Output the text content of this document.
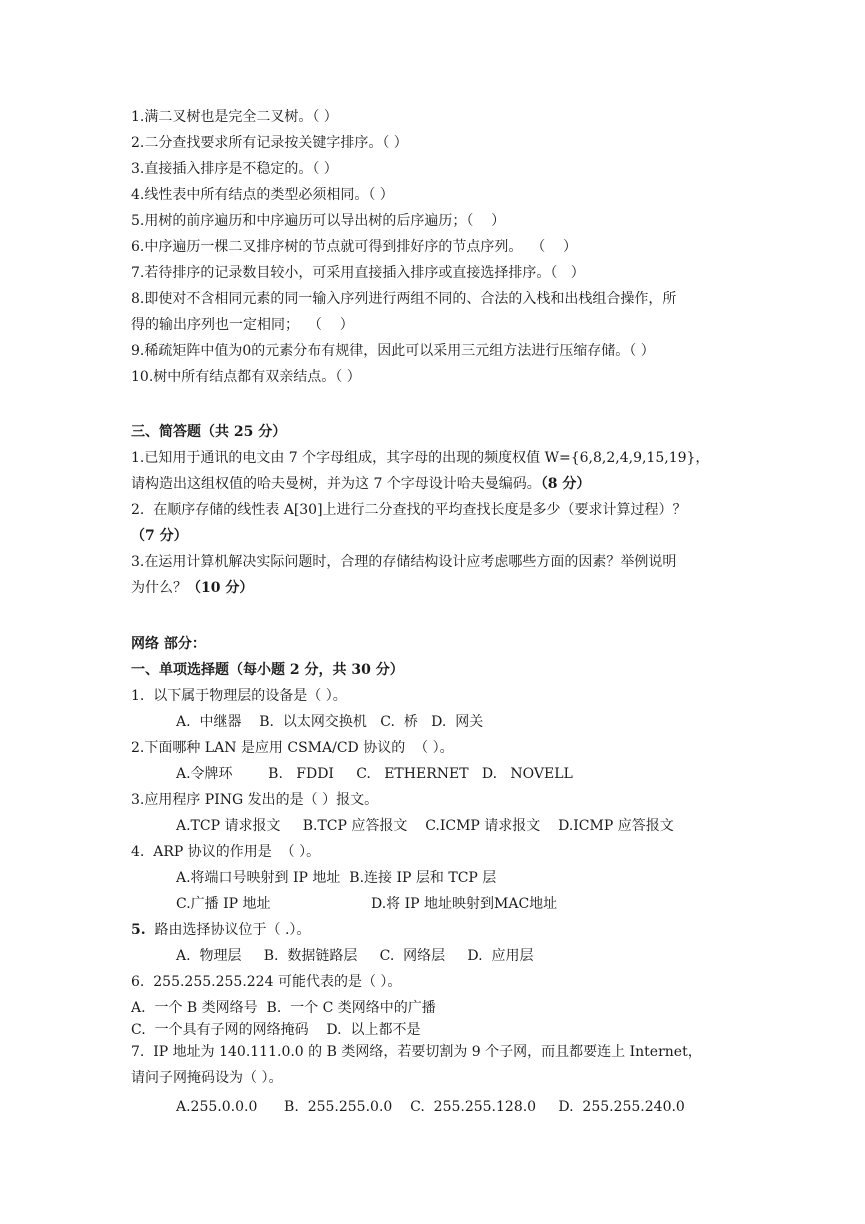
1.满二叉树也是完全二叉树。（ ）
2.二分查找要求所有记录按关键字排序。（ ）
3.直接插入排序是不稳定的。（ ）
4.线性表中所有结点的类型必须相同。（ ）
5.用树的前序遍历和中序遍历可以导出树的后序遍历；（    ）
6.中序遍历一棵二叉排序树的节点就可得到排好序的节点序列。  （    ）
7.若待排序的记录数目较小，可采用直接插入排序或直接选择排序。（   ）
8.即使对不含相同元素的同一输入序列进行两组不同的、合法的入栈和出栈组合操作，所
得的输出序列也一定相同；  （    ）
9.稀疏矩阵中值为0的元素分布有规律，因此可以采用三元组方法进行压缩存储。（ ）
10.树中所有结点都有双亲结点。（ ）
三、简答题（共 25 分）
1.已知用于通讯的电文由 7 个字母组成，其字母的出现的频度权值 W={6,8,2,4,9,15,19}，
请构造出这组权值的哈夫曼树，并为这 7 个字母设计哈夫曼编码。（8 分）
2.  在顺序存储的线性表 A[30]上进行二分查找的平均查找长度是多少（要求计算过程）？
（7 分）
3.在运用计算机解决实际问题时，合理的存储结构设计应考虑哪些方面的因素？举例说明
为什么？（10 分）
网络 部分：
一、单项选择题（每小题 2 分，共 30 分）
1.  以下属于物理层的设备是（ ）。
A.  中继器    B.  以太网交换机   C.  桥   D.  网关
2.下面哪种 LAN 是应用 CSMA/CD 协议的  （ ）。
A.令牌环        B.   FDDI     C.   ETHERNET   D.   NOVELL
3.应用程序 PING 发出的是（ ）报文。
A.TCP 请求报文     B.TCP 应答报文    C.ICMP 请求报文    D.ICMP 应答报文
4.  ARP 协议的作用是  （ ）。
A.将端口号映射到 IP 地址  B.连接 IP 层和 TCP 层
C.广播 IP 地址	D.将 IP 地址映射到MAC地址
5.  路由选择协议位于（ .）。
A.  物理层     B.  数据链路层     C.  网络层     D.  应用层
6.  255.255.255.224 可能代表的是（ ）。
A.  一个 B 类网络号  B.  一个 C 类网络中的广播
C.  一个具有子网的网络掩码    D.  以上都不是
7.  IP 地址为 140.111.0.0 的 B 类网络，若要切割为 9 个子网，而且都要连上 Internet，
请问子网掩码设为（ ）。
A.255.0.0.0      B.  255.255.0.0    C.  255.255.128.0     D.  255.255.240.0
